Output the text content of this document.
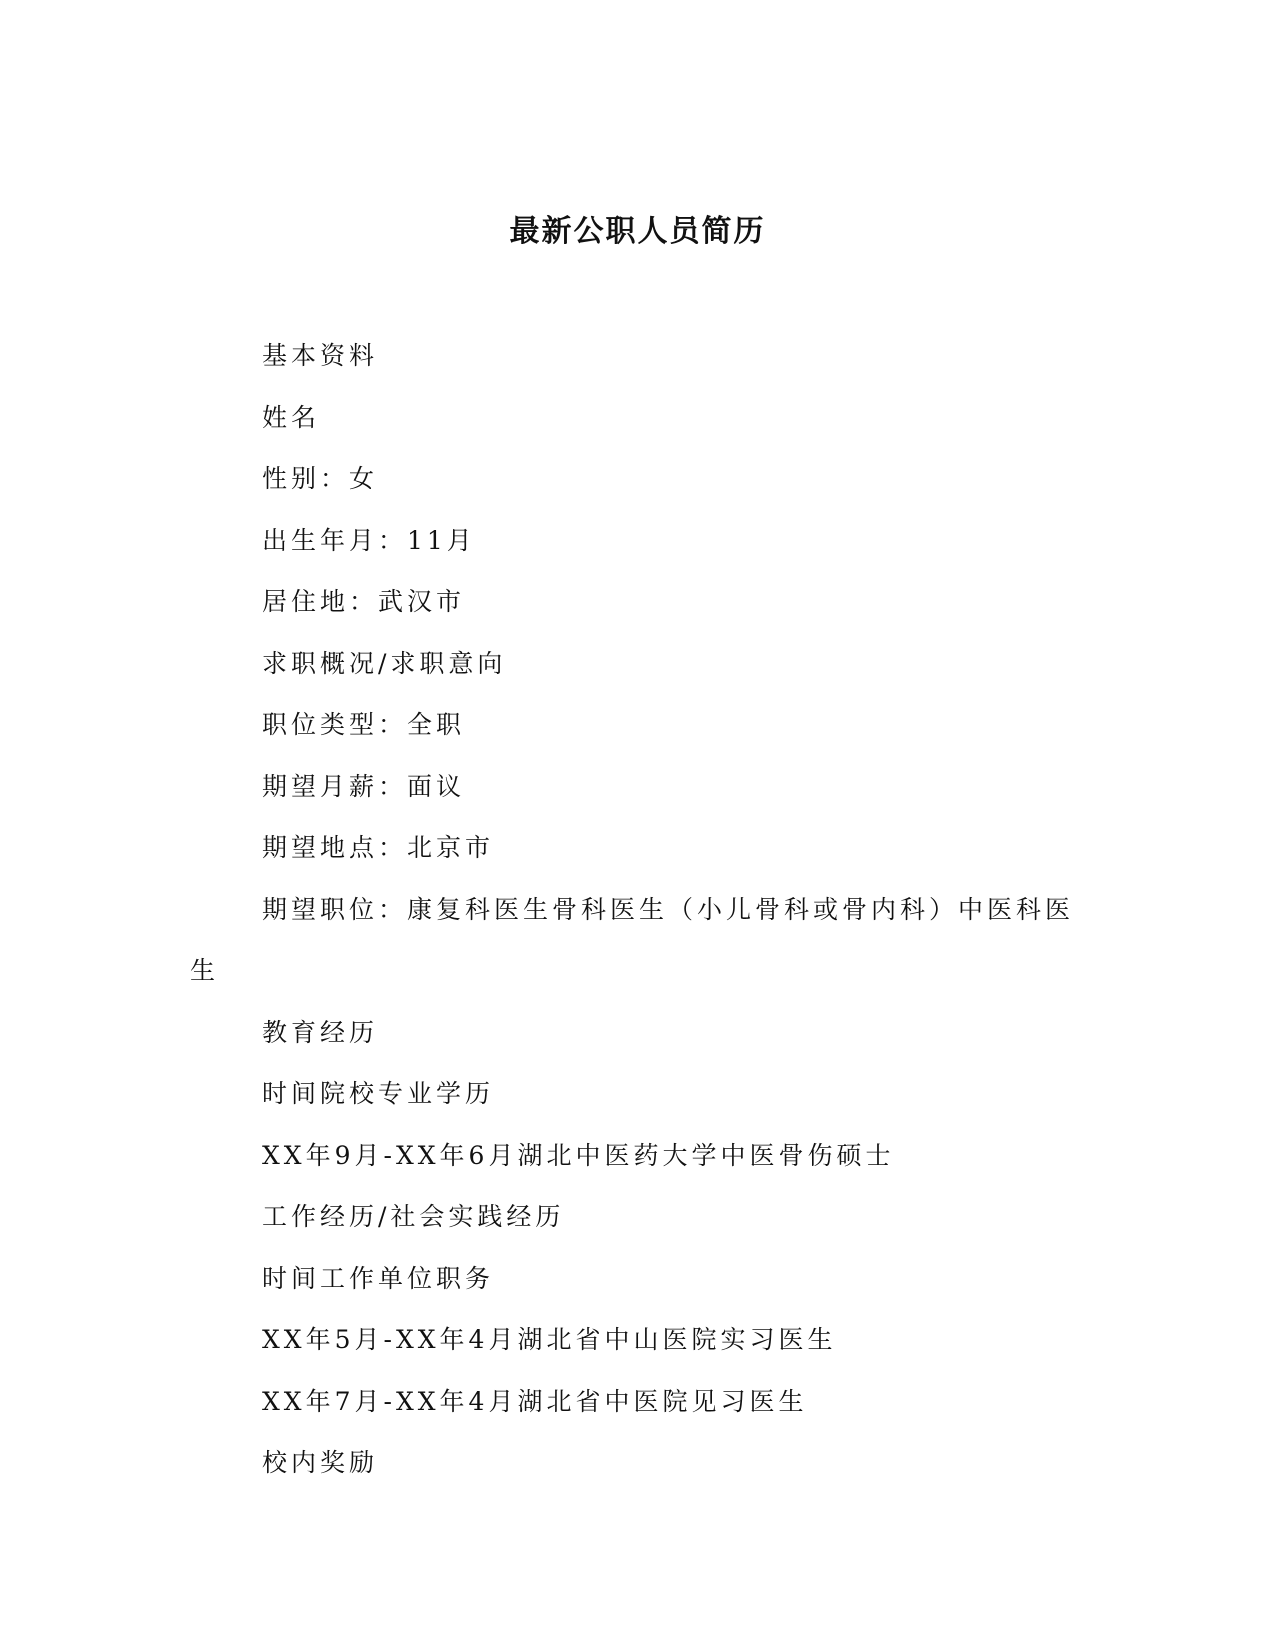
最新公职人员简历

基本资料

姓名

性别：女

出生年月：11月

居住地：武汉市

求职概况/求职意向

职位类型：全职

期望月薪：面议

期望地点：北京市

期望职位：康复科医生骨科医生（小儿骨科或骨内科）中医科医生

教育经历

时间院校专业学历

XX年9月-XX年6月湖北中医药大学中医骨伤硕士

工作经历/社会实践经历

时间工作单位职务

XX年5月-XX年4月湖北省中山医院实习医生

XX年7月-XX年4月湖北省中医院见习医生

校内奖励
